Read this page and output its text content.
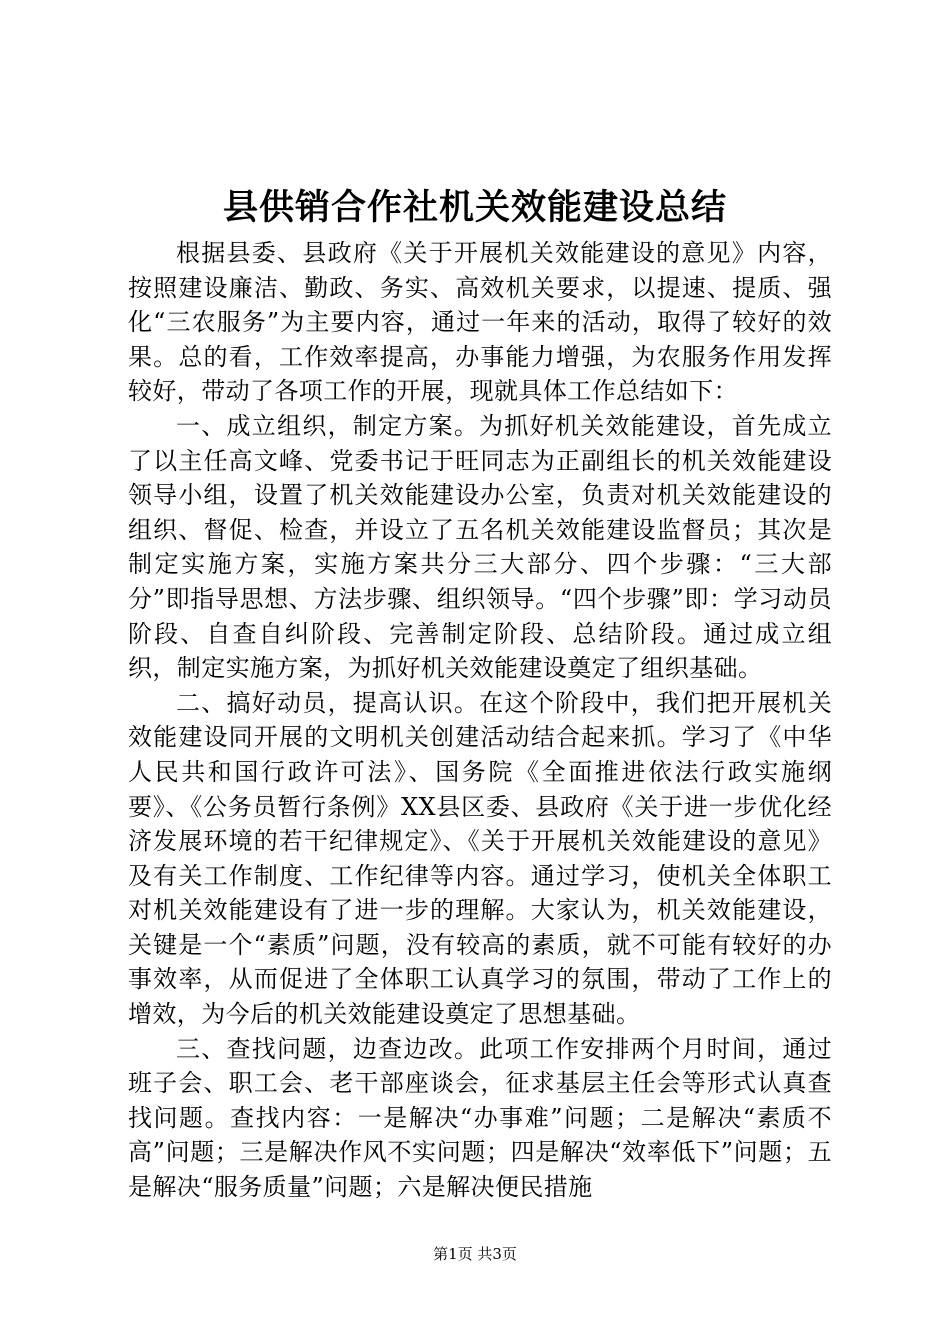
县供销合作社机关效能建设总结

根据县委、县政府《关于开展机关效能建设的意见》内容，按照建设廉洁、勤政、务实、高效机关要求，以提速、提质、强化“三农服务”为主要内容，通过一年来的活动，取得了较好的效果。总的看，工作效率提高，办事能力增强，为农服务作用发挥较好，带动了各项工作的开展，现就具体工作总结如下：

一、成立组织，制定方案。为抓好机关效能建设，首先成立了以主任高文峰、党委书记于旺同志为正副组长的机关效能建设领导小组，设置了机关效能建设办公室，负责对机关效能建设的组织、督促、检查，并设立了五名机关效能建设监督员；其次是制定实施方案，实施方案共分三大部分、四个步骤：“三大部分”即指导思想、方法步骤、组织领导。“四个步骤”即：学习动员阶段、自查自纠阶段、完善制定阶段、总结阶段。通过成立组织，制定实施方案，为抓好机关效能建设奠定了组织基础。

二、搞好动员，提高认识。在这个阶段中，我们把开展机关效能建设同开展的文明机关创建活动结合起来抓。学习了《中华人民共和国行政许可法》、国务院《全面推进依法行政实施纲要》、《公务员暂行条例》XX县区委、县政府《关于进一步优化经济发展环境的若干纪律规定》、《关于开展机关效能建设的意见》及有关工作制度、工作纪律等内容。通过学习，使机关全体职工对机关效能建设有了进一步的理解。大家认为，机关效能建设，关键是一个“素质”问题，没有较高的素质，就不可能有较好的办事效率，从而促进了全体职工认真学习的氛围，带动了工作上的增效，为今后的机关效能建设奠定了思想基础。

三、查找问题，边查边改。此项工作安排两个月时间，通过班子会、职工会、老干部座谈会，征求基层主任会等形式认真查找问题。查找内容：一是解决“办事难”问题；二是解决“素质不高”问题；三是解决作风不实问题；四是解决“效率低下”问题；五是解决“服务质量”问题；六是解决便民措施

第1页 共3页
